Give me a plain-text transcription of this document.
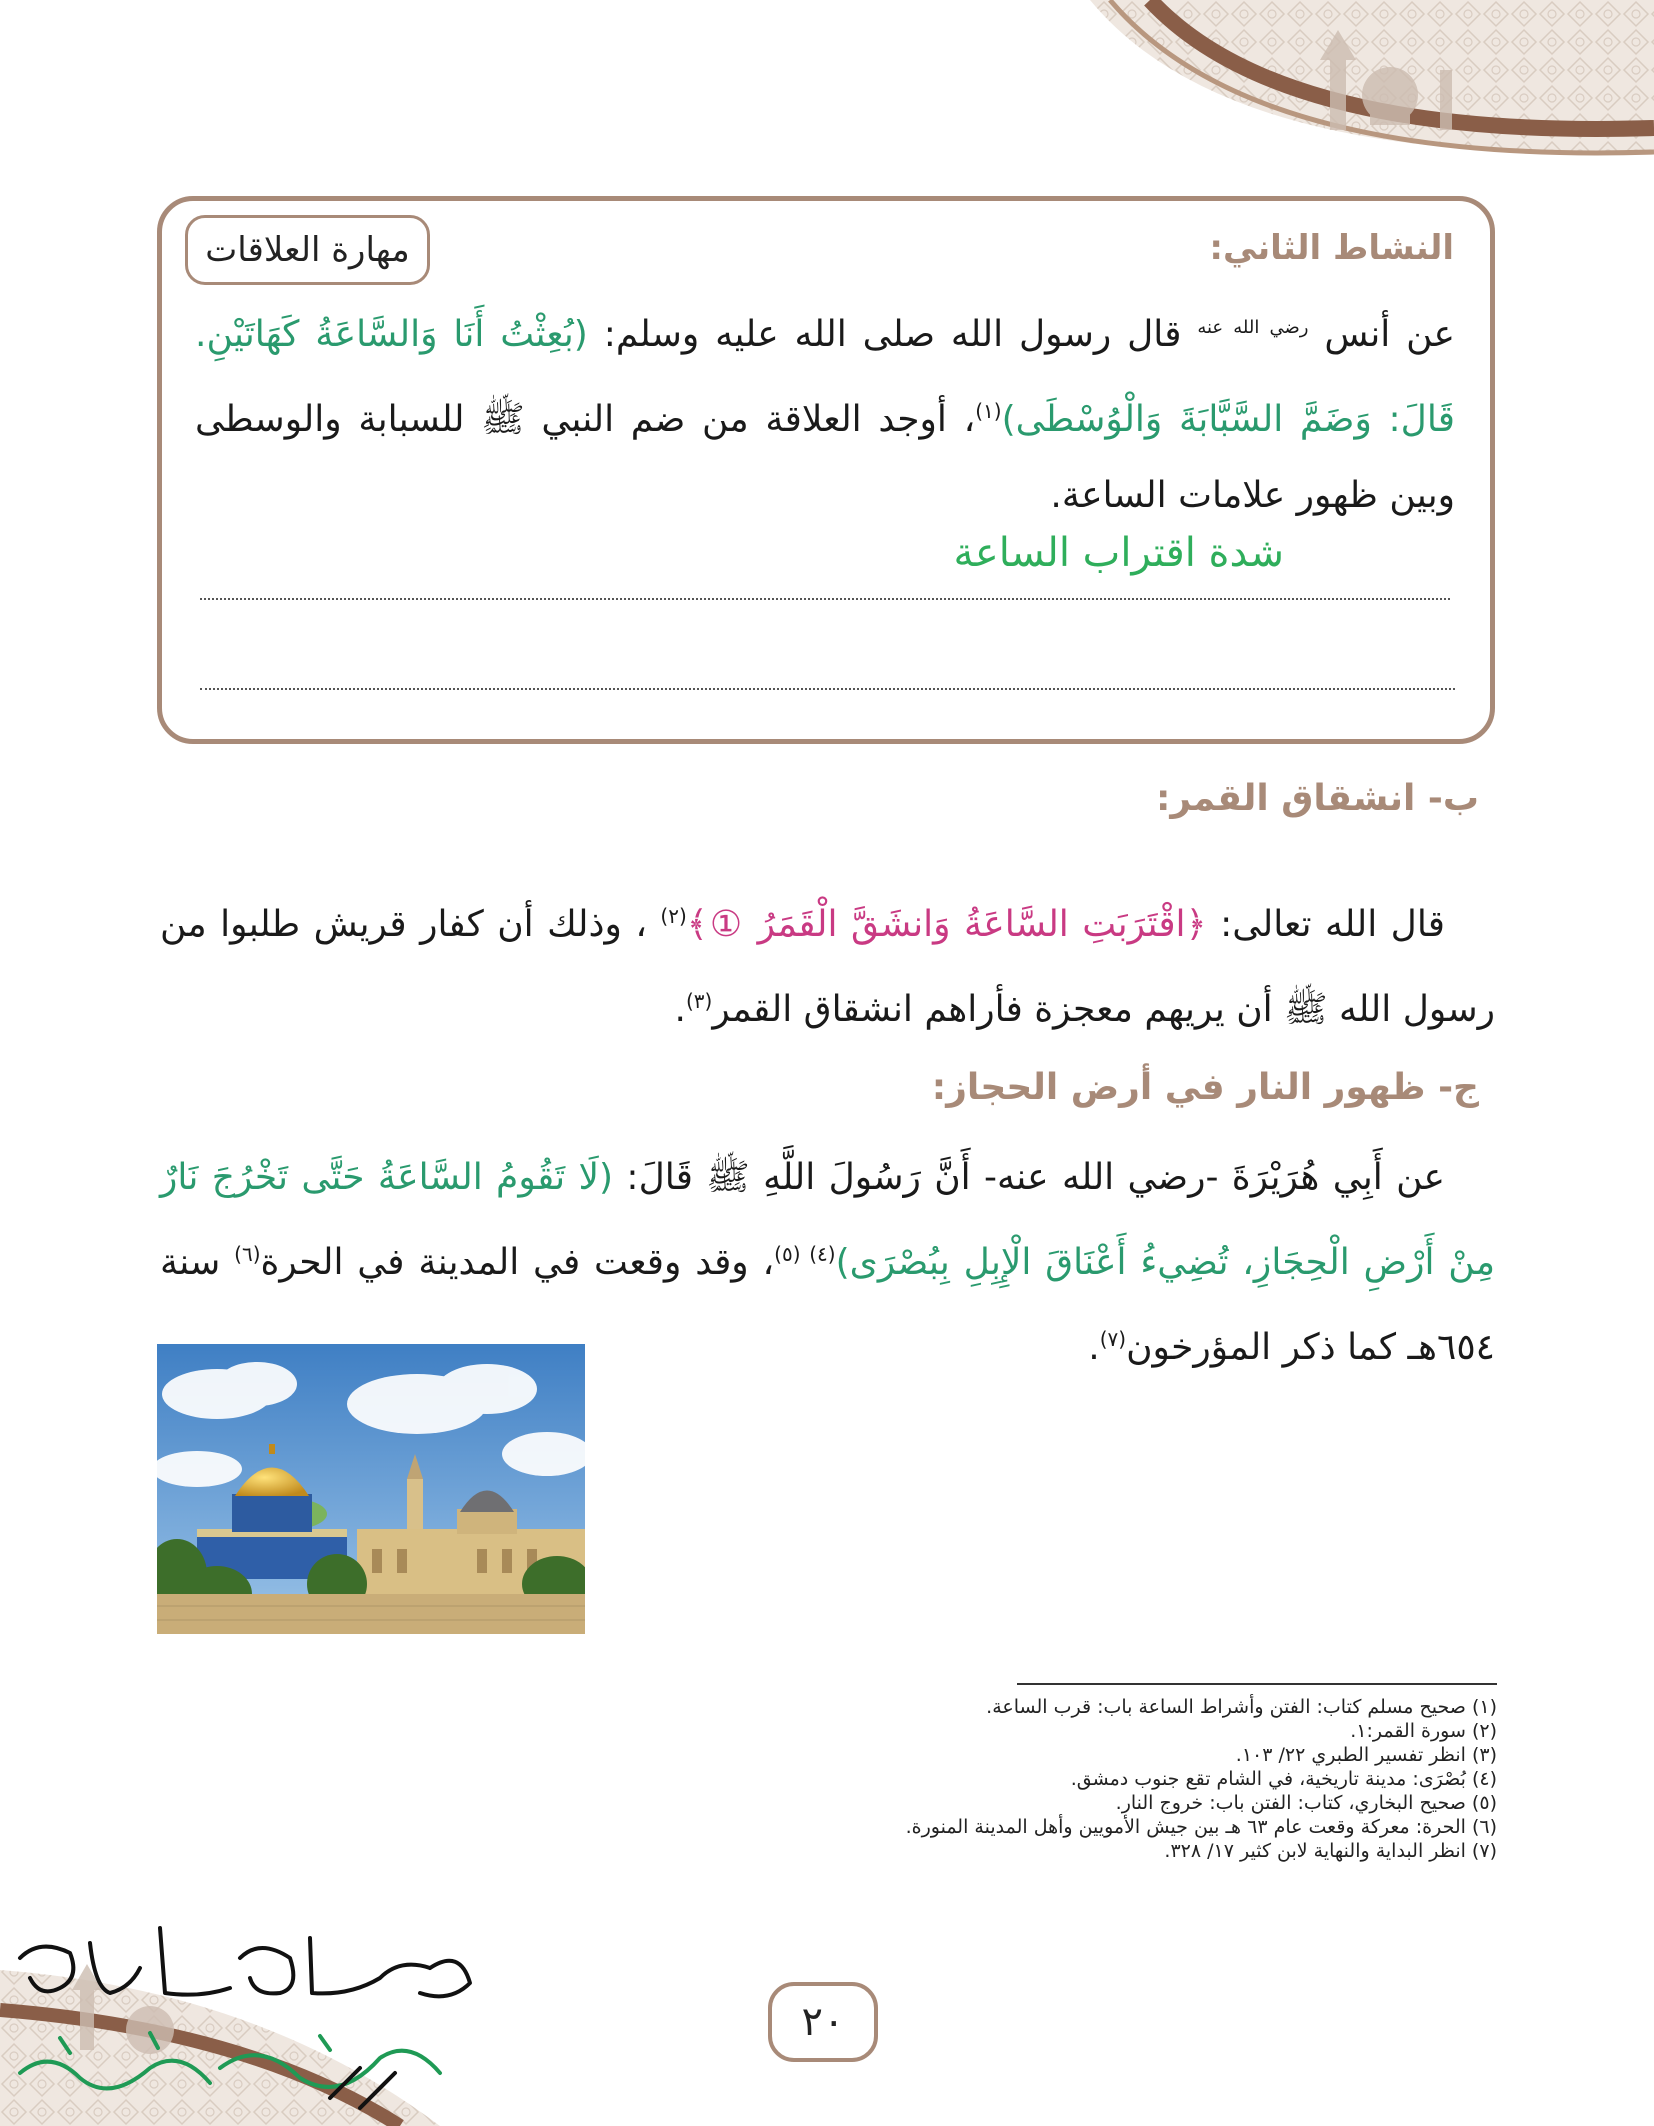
مهارة العلاقات	النشاط الثاني:
عن أنس $^{رضي الله عنه}$ قال رسول الله صلى الله عليه وسلم: (بُعِثْتُ أَنَا وَالسَّاعَةُ كَهَاتَيْنِ. قَالَ: وَضَمَّ السَّبَّابَةَ وَالْوُسْطَى)$^{(١)}$، أوجد العلاقة من ضم النبي ﷺ للسبابة والوسطى وبين ظهور علامات الساعة.
شدة اقتراب الساعة
ب- انشقاق القمر:
قال الله تعالى: ﴿اقْتَرَبَتِ السَّاعَةُ وَانشَقَّ الْقَمَرُ ①﴾$^{(٢)}$ ، وذلك أن كفار قريش طلبوا من رسول الله ﷺ أن يريهم معجزة فأراهم انشقاق القمر$^{(٣)}$.
ج- ظهور النار في أرض الحجاز:
عن أَبِي هُرَيْرَةَ -رضي الله عنه- أَنَّ رَسُولَ اللَّهِ ﷺ قَالَ: (لَا تَقُومُ السَّاعَةُ حَتَّى تَخْرُجَ نَارٌ مِنْ أَرْضِ الْحِجَازِ، تُضِيءُ أَعْنَاقَ الْإِبِلِ بِبُصْرَى)$^{(٤) (٥)}$، وقد وقعت في المدينة في الحرة$^{(٦)}$ سنة ٦٥٤هـ كما ذكر المؤرخون$^{(٧)}$.
(١) صحيح مسلم كتاب: الفتن وأشراط الساعة باب: قرب الساعة.
(٢) سورة القمر:١.
(٣) انظر تفسير الطبري ٢٢/ ١٠٣.
(٤) بُصْرَى: مدينة تاريخية، في الشام تقع جنوب دمشق.
(٥) صحيح البخاري، كتاب: الفتن باب: خروج النار.
(٦) الحرة: معركة وقعت عام ٦٣ هـ بين جيش الأمويين وأهل المدينة المنورة.
(٧) انظر البداية والنهاية لابن كثير ١٧/ ٣٢٨.
٢٠
